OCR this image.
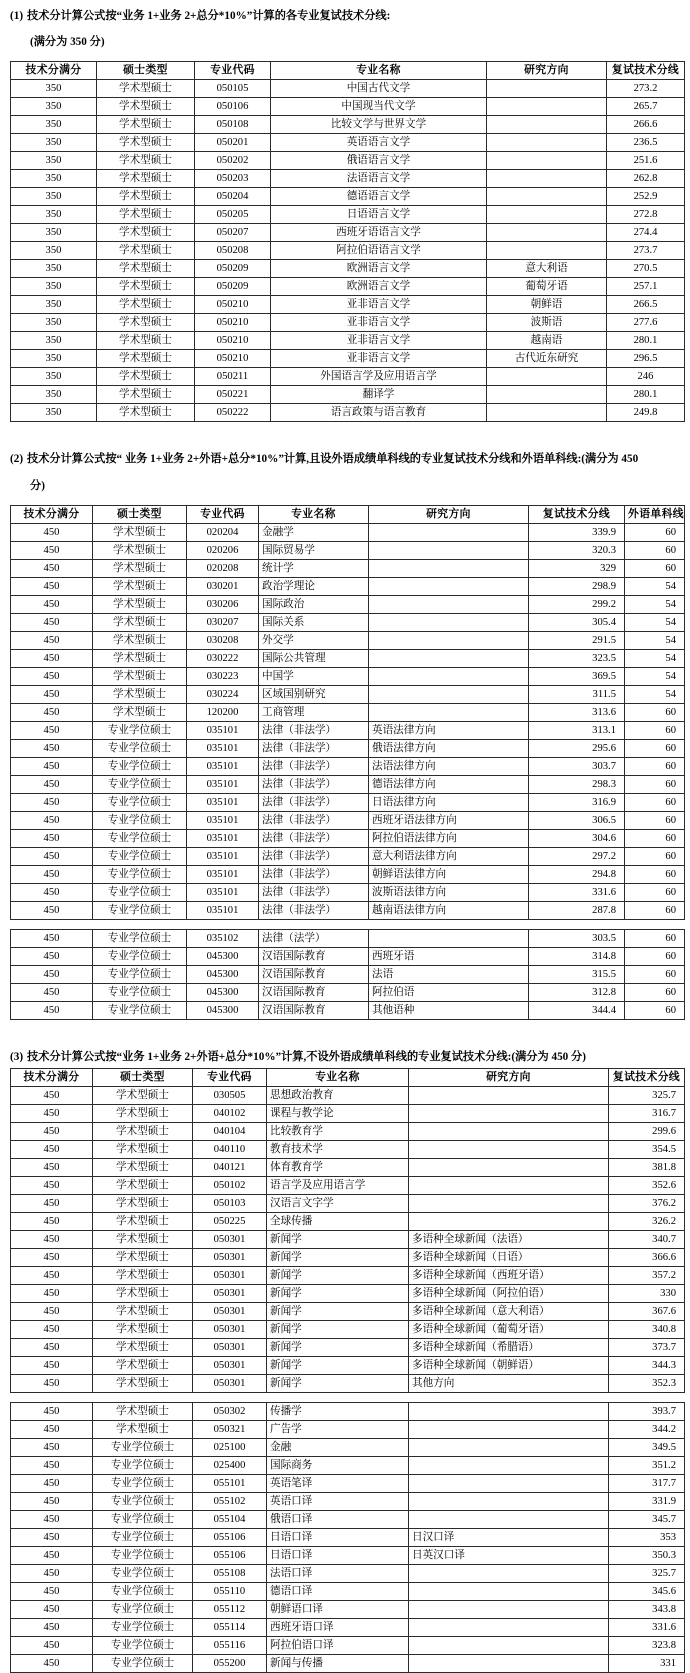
(1) 技术分计算公式按“业务 1+业务 2+总分*10%”计算的各专业复试技术分线:

(满分为 350 分)

技术分满分	硕士类型	专业代码	专业名称	研究方向	复试技术分线
350	学术型硕士	050105	中国古代文学		273.2
350	学术型硕士	050106	中国现当代文学		265.7
350	学术型硕士	050108	比较文学与世界文学		266.6
350	学术型硕士	050201	英语语言文学		236.5
350	学术型硕士	050202	俄语语言文学		251.6
350	学术型硕士	050203	法语语言文学		262.8
350	学术型硕士	050204	德语语言文学		252.9
350	学术型硕士	050205	日语语言文学		272.8
350	学术型硕士	050207	西班牙语语言文学		274.4
350	学术型硕士	050208	阿拉伯语语言文学		273.7
350	学术型硕士	050209	欧洲语言文学	意大利语	270.5
350	学术型硕士	050209	欧洲语言文学	葡萄牙语	257.1
350	学术型硕士	050210	亚非语言文学	朝鲜语	266.5
350	学术型硕士	050210	亚非语言文学	波斯语	277.6
350	学术型硕士	050210	亚非语言文学	越南语	280.1
350	学术型硕士	050210	亚非语言文学	古代近东研究	296.5
350	学术型硕士	050211	外国语言学及应用语言学		246
350	学术型硕士	050221	翻译学		280.1
350	学术型硕士	050222	语言政策与语言教育		249.8

(2) 技术分计算公式按“ 业务 1+业务 2+外语+总分*10%”计算,且设外语成绩单科线的专业复试技术分线和外语单科线:(满分为 450

分)

技术分满分	硕士类型	专业代码	专业名称	研究方向	复试技术分线	外语单科线
450	学术型硕士	020204	金融学		339.9	60
450	学术型硕士	020206	国际贸易学		320.3	60
450	学术型硕士	020208	统计学		329	60
450	学术型硕士	030201	政治学理论		298.9	54
450	学术型硕士	030206	国际政治		299.2	54
450	学术型硕士	030207	国际关系		305.4	54
450	学术型硕士	030208	外交学		291.5	54
450	学术型硕士	030222	国际公共管理		323.5	54
450	学术型硕士	030223	中国学		369.5	54
450	学术型硕士	030224	区域国别研究		311.5	54
450	学术型硕士	120200	工商管理		313.6	60
450	专业学位硕士	035101	法律（非法学）	英语法律方向	313.1	60
450	专业学位硕士	035101	法律（非法学）	俄语法律方向	295.6	60
450	专业学位硕士	035101	法律（非法学）	法语法律方向	303.7	60
450	专业学位硕士	035101	法律（非法学）	德语法律方向	298.3	60
450	专业学位硕士	035101	法律（非法学）	日语法律方向	316.9	60
450	专业学位硕士	035101	法律（非法学）	西班牙语法律方向	306.5	60
450	专业学位硕士	035101	法律（非法学）	阿拉伯语法律方向	304.6	60
450	专业学位硕士	035101	法律（非法学）	意大利语法律方向	297.2	60
450	专业学位硕士	035101	法律（非法学）	朝鲜语法律方向	294.8	60
450	专业学位硕士	035101	法律（非法学）	波斯语法律方向	331.6	60
450	专业学位硕士	035101	法律（非法学）	越南语法律方向	287.8	60

450	专业学位硕士	035102	法律（法学）		303.5	60
450	专业学位硕士	045300	汉语国际教育	西班牙语	314.8	60
450	专业学位硕士	045300	汉语国际教育	法语	315.5	60
450	专业学位硕士	045300	汉语国际教育	阿拉伯语	312.8	60
450	专业学位硕士	045300	汉语国际教育	其他语种	344.4	60

(3) 技术分计算公式按“业务 1+业务 2+外语+总分*10%”计算,不设外语成绩单科线的专业复试技术分线:(满分为 450 分)

技术分满分	硕士类型	专业代码	专业名称	研究方向	复试技术分线
450	学术型硕士	030505	思想政治教育		325.7
450	学术型硕士	040102	课程与教学论		316.7
450	学术型硕士	040104	比较教育学		299.6
450	学术型硕士	040110	教育技术学		354.5
450	学术型硕士	040121	体育教育学		381.8
450	学术型硕士	050102	语言学及应用语言学		352.6
450	学术型硕士	050103	汉语言文字学		376.2
450	学术型硕士	050225	全球传播		326.2
450	学术型硕士	050301	新闻学	多语种全球新闻（法语）	340.7
450	学术型硕士	050301	新闻学	多语种全球新闻（日语）	366.6
450	学术型硕士	050301	新闻学	多语种全球新闻（西班牙语）	357.2
450	学术型硕士	050301	新闻学	多语种全球新闻（阿拉伯语）	330
450	学术型硕士	050301	新闻学	多语种全球新闻（意大利语）	367.6
450	学术型硕士	050301	新闻学	多语种全球新闻（葡萄牙语）	340.8
450	学术型硕士	050301	新闻学	多语种全球新闻（希腊语）	373.7
450	学术型硕士	050301	新闻学	多语种全球新闻（朝鲜语）	344.3
450	学术型硕士	050301	新闻学	其他方向	352.3

450	学术型硕士	050302	传播学		393.7
450	学术型硕士	050321	广告学		344.2
450	专业学位硕士	025100	金融		349.5
450	专业学位硕士	025400	国际商务		351.2
450	专业学位硕士	055101	英语笔译		317.7
450	专业学位硕士	055102	英语口译		331.9
450	专业学位硕士	055104	俄语口译		345.7
450	专业学位硕士	055106	日语口译	日汉口译	353
450	专业学位硕士	055106	日语口译	日英汉口译	350.3
450	专业学位硕士	055108	法语口译		325.7
450	专业学位硕士	055110	德语口译		345.6
450	专业学位硕士	055112	朝鲜语口译		343.8
450	专业学位硕士	055114	西班牙语口译		331.6
450	专业学位硕士	055116	阿拉伯语口译		323.8
450	专业学位硕士	055200	新闻与传播		331
